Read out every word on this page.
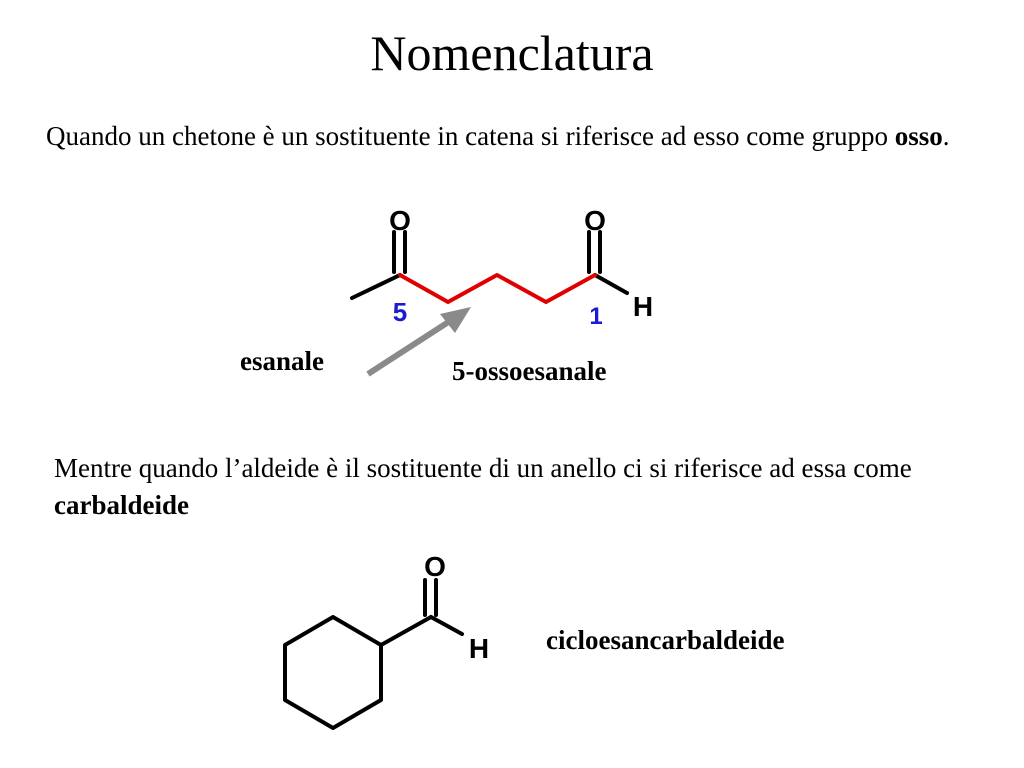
Nomenclatura
Quando un chetone è un sostituente in catena si riferisce ad esso come gruppo osso.
O	O
H
5	1
O
H
esanale	5-ossoesanale
Mentre quando l’aldeide è il sostituente di un anello ci si riferisce ad essa come carbaldeide
cicloesancarbaldeide
